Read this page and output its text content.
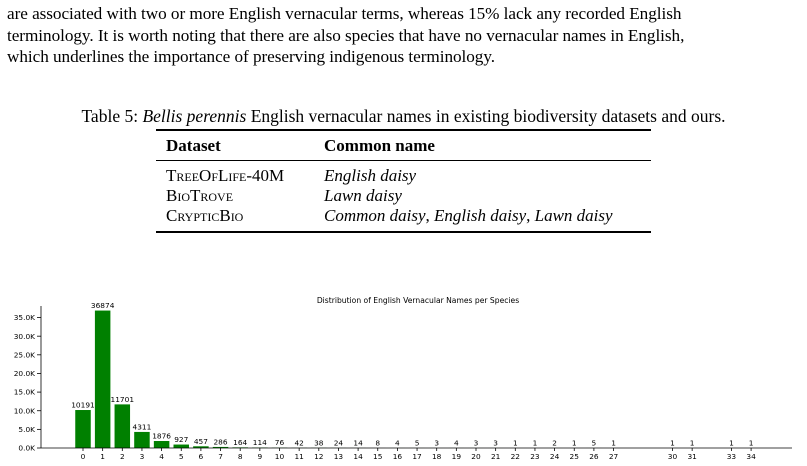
are associated with two or more English vernacular terms, whereas 15% lack any recorded English
terminology. It is worth noting that there are also species that have no vernacular names in English,
which underlines the importance of preserving indigenous terminology.
Table 5: Bellis perennis English vernacular names in existing biodiversity datasets and ours.
Dataset	Common name
TreeOfLife-40M	English daisy
BioTrove	Lawn daisy
CrypticBio	Common daisy, English daisy, Lawn daisy
Distribution of English Vernacular Names per Species
0.0K
5.0K
10.0K
15.0K
20.0K
25.0K
30.0K
35.0K
10191
36874
11701
4311
1876 927 457 286 164 114 76 42 38 24 14 8 4 5 3 4 3 3 1 1 2 1 5 1	1 1	1 1
0 1 2 3 4 5 6 7 8 9 10 11 12 13 14 15 16 17 18 19 20 21 22 23 24 25 26 27	30 31	33 34
